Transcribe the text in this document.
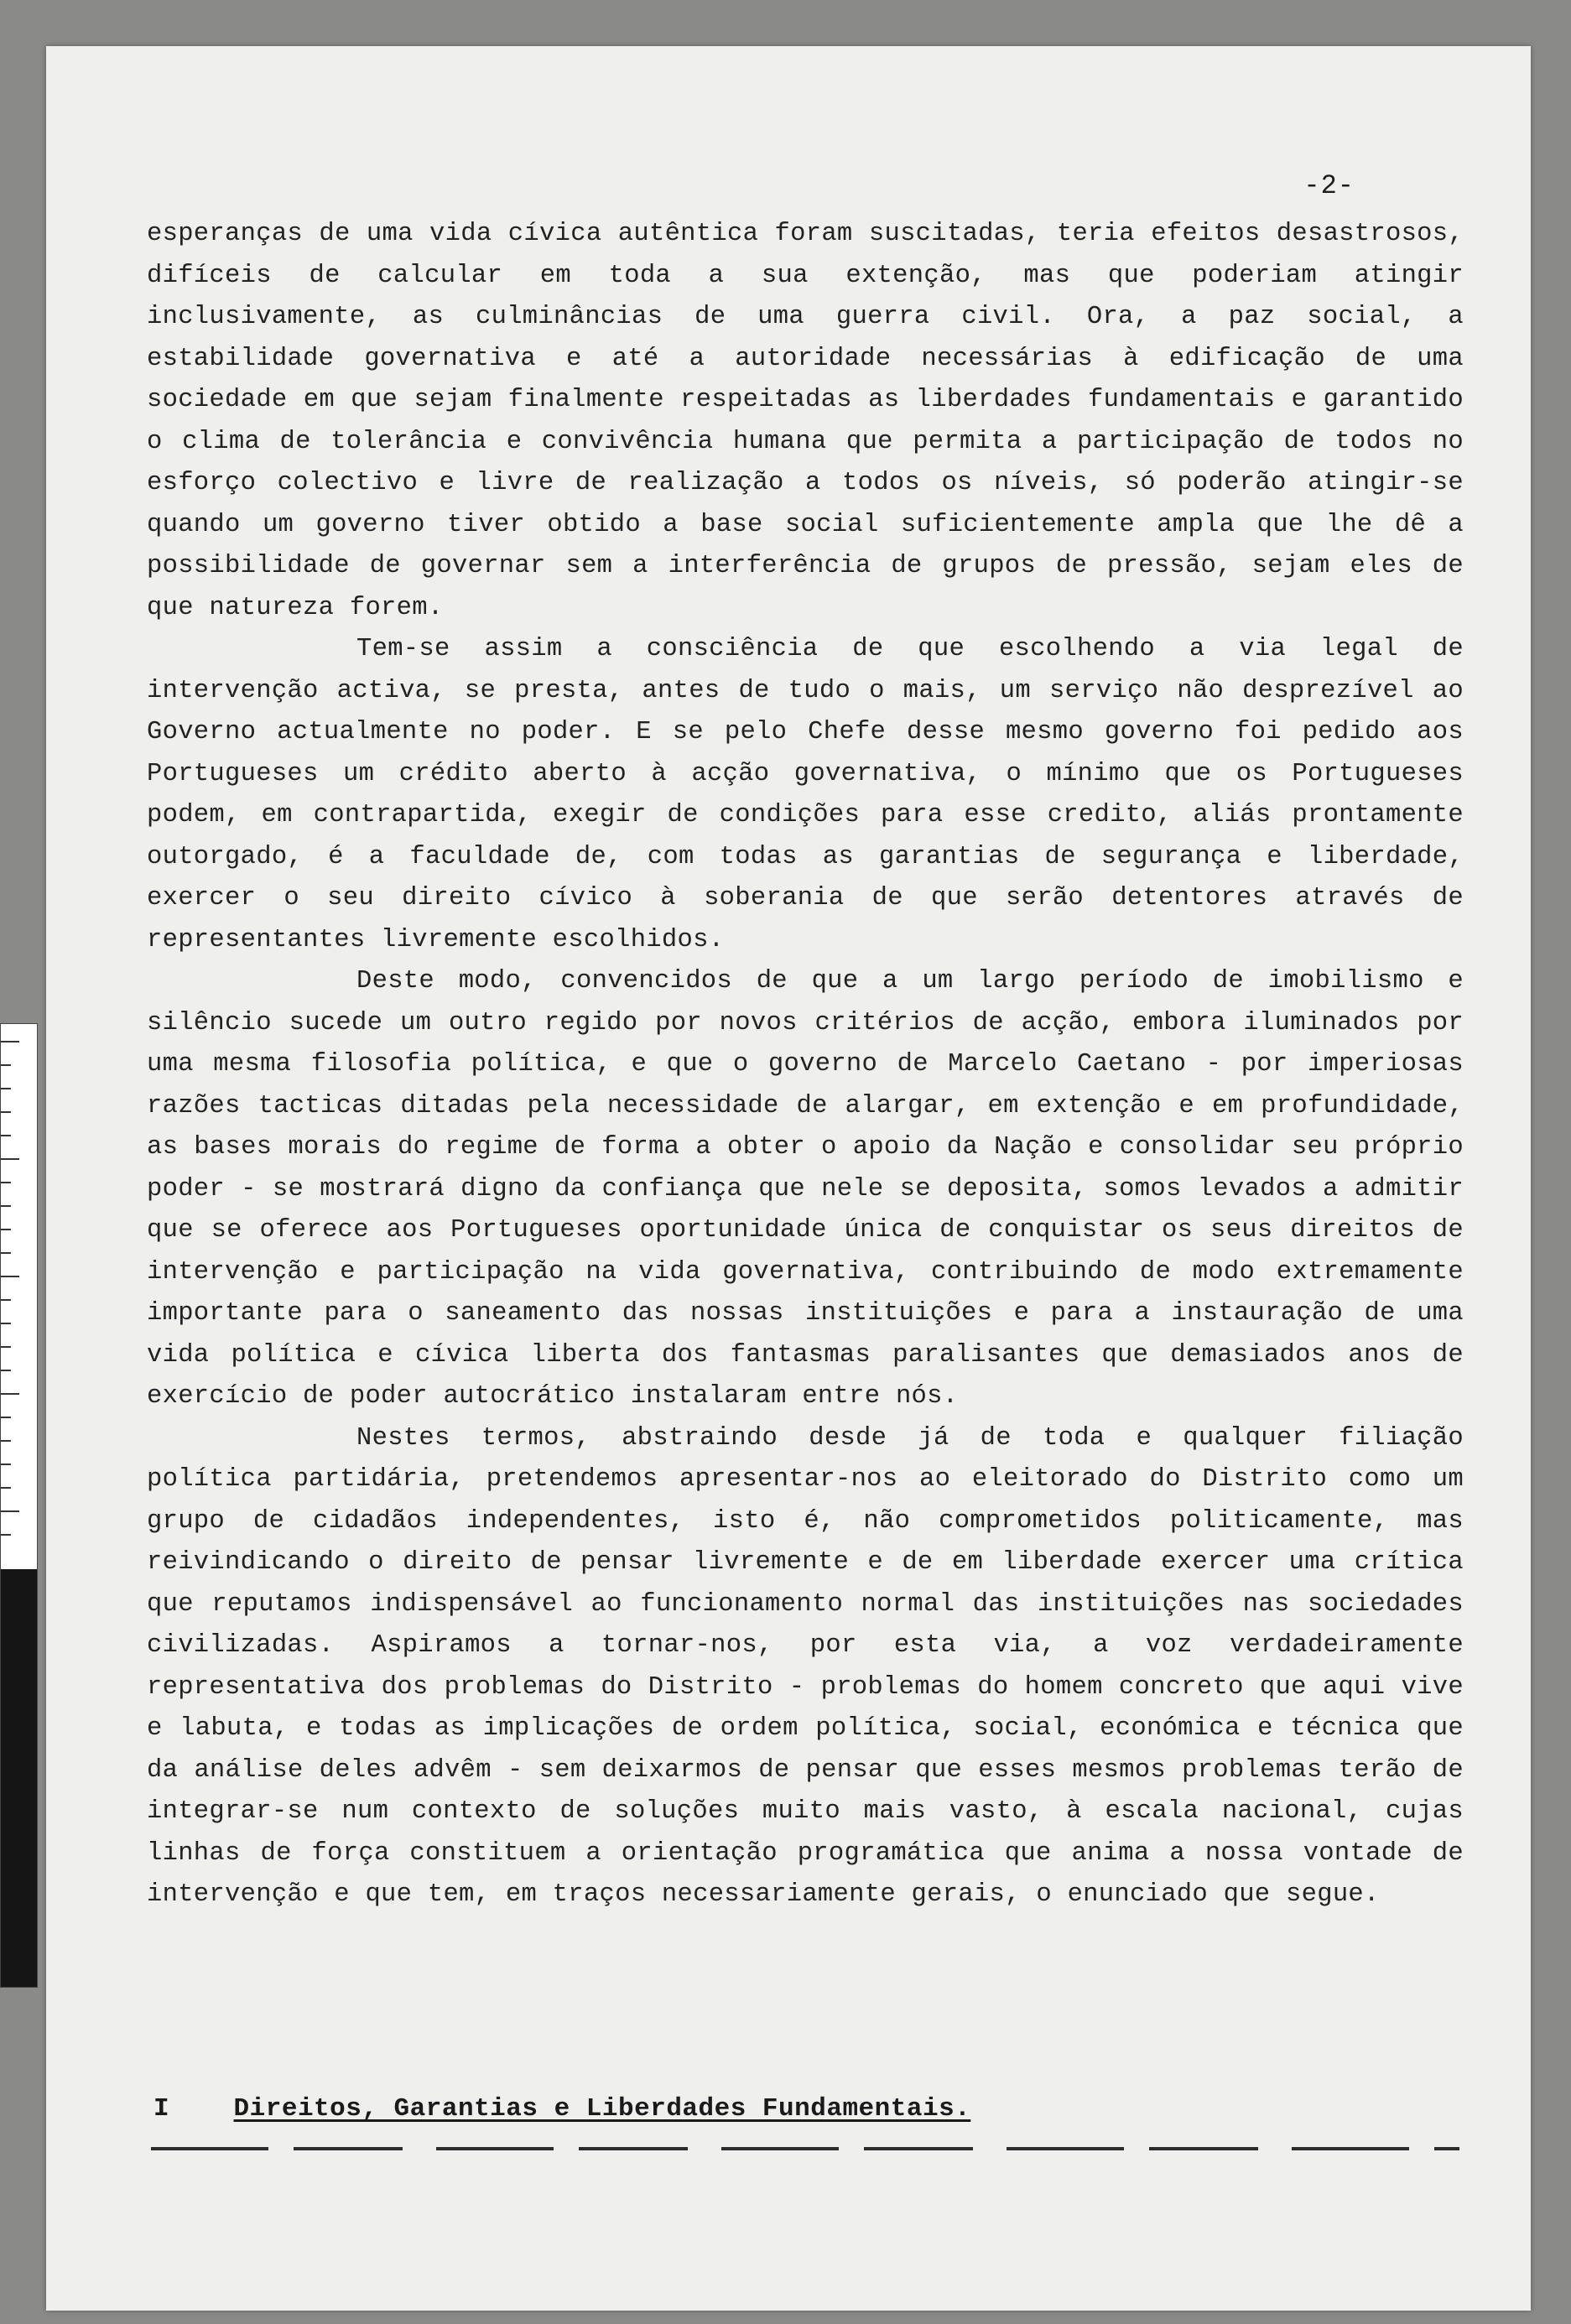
-2-

esperanças de uma vida cívica autêntica foram suscitadas, teria efeitos desastrosos, difíceis de calcular em toda a sua extenção, mas que poderiam atingir inclusivamente, as culminâncias de uma guerra civil. Ora, a paz social, a estabilidade governativa e até a autoridade necessárias à edificação de uma sociedade em que sejam finalmente respeitadas as liberdades fundamentais e garantido o clima de tolerância e convivência humana que permita a participação de todos no esforço colectivo e livre de realização a todos os níveis, só poderão atingir-se quando um governo tiver obtido a base social suficientemente ampla que lhe dê a possibilidade de governar sem a interferência de grupos de pressão, sejam eles de que natureza forem.

Tem-se assim a consciência de que escolhendo a via legal de intervenção activa, se presta, antes de tudo o mais, um serviço não desprezível ao Governo actualmente no poder. E se pelo Chefe desse mesmo governo foi pedido aos Portugueses um crédito aberto à acção governativa, o mínimo que os Portugueses podem, em contrapartida, exegir de condições para esse credito, aliás prontamente outorgado, é a faculdade de, com todas as garantias de segurança e liberdade, exercer o seu direito cívico à soberania de que serão detentores através de representantes livremente escolhidos.

Deste modo, convencidos de que a um largo período de imobilismo e silêncio sucede um outro regido por novos critérios de acção, embora iluminados por uma mesma filosofia política, e que o governo de Marcelo Caetano - por imperiosas razões tacticas ditadas pela necessidade de alargar, em extenção e em profundidade, as bases morais do regime de forma a obter o apoio da Nação e consolidar seu próprio poder - se mostrará digno da confiança que nele se deposita, somos levados a admitir que se oferece aos Portugueses oportunidade única de conquistar os seus direitos de intervenção e participação na vida governativa, contribuindo de modo extremamente importante para o saneamento das nossas instituições e para a instauração de uma vida política e cívica liberta dos fantasmas paralisantes que demasiados anos de exercício de poder autocrático instalaram entre nós.

Nestes termos, abstraindo desde já de toda e qualquer filiação política partidária, pretendemos apresentar-nos ao eleitorado do Distrito como um grupo de cidadãos independentes, isto é, não comprometidos politicamente, mas reivindicando o direito de pensar livremente e de em liberdade exercer uma crítica que reputamos indispensável ao funcionamento normal das instituições nas sociedades civilizadas. Aspiramos a tornar-nos, por esta via, a voz verdadeiramente representativa dos problemas do Distrito - problemas do homem concreto que aqui vive e labuta, e todas as implicações de ordem política, social, económica e técnica que da análise deles advêm - sem deixarmos de pensar que esses mesmos problemas terão de integrar-se num contexto de soluções muito mais vasto, à escala nacional, cujas linhas de força constituem a orientação programática que anima a nossa vontade de intervenção e que tem, em traços necessariamente gerais, o enunciado que segue.

I Direitos, Garantias e Liberdades Fundamentais.
